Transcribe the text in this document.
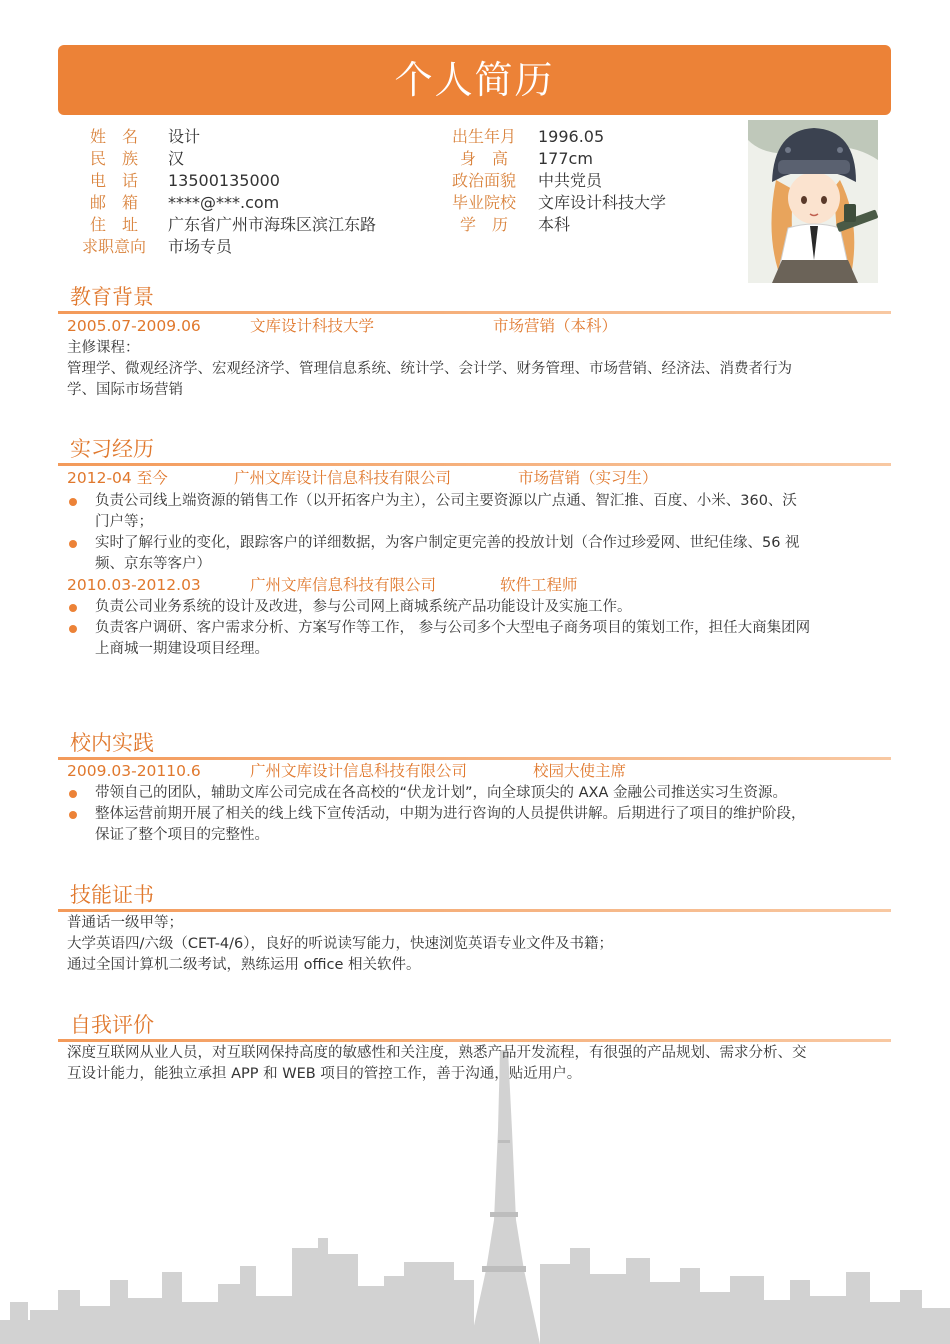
个人简历
姓　名 设计
民　族 汉
电　话 13500135000
邮　箱 ****@***.com
住　址 广东省广州市海珠区滨江东路
求职意向 市场专员
出生年月 1996.05
身　高 177cm
政治面貌 中共党员
毕业院校 文库设计科技大学
学　历 本科
教育背景
2005.07-2009.06	文库设计科技大学	市场营销（本科）
主修课程：
管理学、微观经济学、宏观经济学、管理信息系统、统计学、会计学、财务管理、市场营销、经济法、消费者行为
学、国际市场营销
实习经历
2012-04 至今	广州文库设计信息科技有限公司	市场营销（实习生）
负责公司线上端资源的销售工作（以开拓客户为主），公司主要资源以广点通、智汇推、百度、小米、360、沃
门户等；
实时了解行业的变化，跟踪客户的详细数据，为客户制定更完善的投放计划（合作过珍爱网、世纪佳缘、56 视
频、京东等客户）
2010.03-2012.03	广州文库信息科技有限公司	软件工程师
负责公司业务系统的设计及改进，参与公司网上商城系统产品功能设计及实施工作。
负责客户调研、客户需求分析、方案写作等工作， 参与公司多个大型电子商务项目的策划工作，担任大商集团网
上商城一期建设项目经理。
校内实践
2009.03-20110.6	广州文库设计信息科技有限公司	校园大使主席
带领自己的团队，辅助文库公司完成在各高校的“伏龙计划”，向全球顶尖的 AXA 金融公司推送实习生资源。
整体运营前期开展了相关的线上线下宣传活动，中期为进行咨询的人员提供讲解。后期进行了项目的维护阶段，
保证了整个项目的完整性。
技能证书
普通话一级甲等；
大学英语四/六级（CET-4/6），良好的听说读写能力，快速浏览英语专业文件及书籍；
通过全国计算机二级考试，熟练运用 office 相关软件。
自我评价
深度互联网从业人员，对互联网保持高度的敏感性和关注度，熟悉产品开发流程，有很强的产品规划、需求分析、交
互设计能力，能独立承担 APP 和 WEB 项目的管控工作，善于沟通，贴近用户。
